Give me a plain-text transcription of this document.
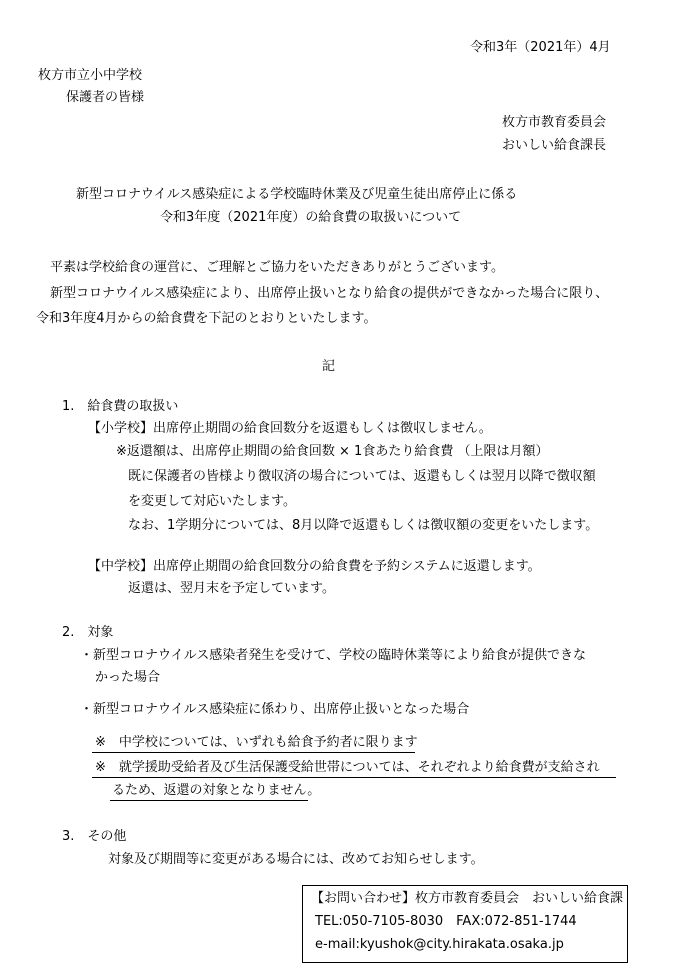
令和3年（2021年）4月

枚方市立小中学校

保護者の皆様

枚方市教育委員会

おいしい給食課長

新型コロナウイルス感染症による学校臨時休業及び児童生徒出席停止に係る

令和3年度（2021年度）の給食費の取扱いについて

平素は学校給食の運営に、ご理解とご協力をいただきありがとうございます。

新型コロナウイルス感染症により、出席停止扱いとなり給食の提供ができなかった場合に限り、

令和3年度4月からの給食費を下記のとおりといたします。

記

1.　給食費の取扱い

【小学校】出席停止期間の給食回数分を返還もしくは徴収しません。

※返還額は、出席停止期間の給食回数 × 1食あたり給食費 （上限は月額）

既に保護者の皆様より徴収済の場合については、返還もしくは翌月以降で徴収額

を変更して対応いたします。

なお、1学期分については、8月以降で返還もしくは徴収額の変更をいたします。

【中学校】出席停止期間の給食回数分の給食費を予約システムに返還します。

返還は、翌月末を予定しています。

2.　対象

・新型コロナウイルス感染者発生を受けて、学校の臨時休業等により給食が提供できな

かった場合

・新型コロナウイルス感染症に係わり、出席停止扱いとなった場合

※　中学校については、いずれも給食予約者に限ります

※　就学援助受給者及び生活保護受給世帯については、それぞれより給食費が支給され

るため、返還の対象となりません。

3.　その他

対象及び期間等に変更がある場合には、改めてお知らせします。

【お問い合わせ】枚方市教育委員会　おいしい給食課

TEL:050-7105-8030　FAX:072-851-1744

e-mail:kyushok@city.hirakata.osaka.jp
